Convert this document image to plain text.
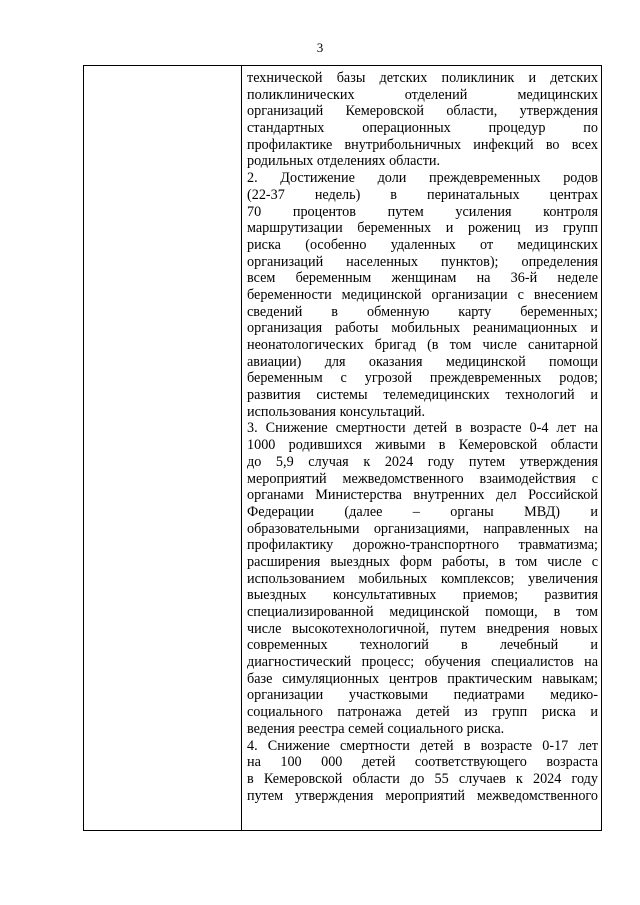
3
технической базы детских поликлиник и детских
поликлинических отделений медицинских
организаций Кемеровской области, утверждения
стандартных операционных процедур по
профилактике внутрибольничных инфекций во всех
родильных отделениях области.
2. Достижение доли преждевременных родов
(22-37 недель) в перинатальных центрах
70 процентов путем усиления контроля
маршрутизации беременных и рожениц из групп
риска (особенно удаленных от медицинских
организаций населенных пунктов); определения
всем беременным женщинам на 36-й неделе
беременности медицинской организации с внесением
сведений в обменную карту беременных;
организация работы мобильных реанимационных и
неонатологических бригад (в том числе санитарной
авиации) для оказания медицинской помощи
беременным с угрозой преждевременных родов;
развития системы телемедицинских технологий и
использования консультаций.
3. Снижение смертности детей в возрасте 0-4 лет на
1000 родившихся живыми в Кемеровской области
до 5,9 случая к 2024 году путем утверждения
мероприятий межведомственного взаимодействия с
органами Министерства внутренних дел Российской
Федерации (далее – органы МВД) и
образовательными организациями, направленных на
профилактику дорожно-транспортного травматизма;
расширения выездных форм работы, в том числе с
использованием мобильных комплексов; увеличения
выездных консультативных приемов; развития
специализированной медицинской помощи, в том
числе высокотехнологичной, путем внедрения новых
современных технологий в лечебный и
диагностический процесс; обучения специалистов на
базе симуляционных центров практическим навыкам;
организации участковыми педиатрами медико-
социального патронажа детей из групп риска и
ведения реестра семей социального риска.
4. Снижение смертности детей в возрасте 0-17 лет
на 100 000 детей соответствующего возраста
в Кемеровской области до 55 случаев к 2024 году
путем утверждения мероприятий межведомственного
